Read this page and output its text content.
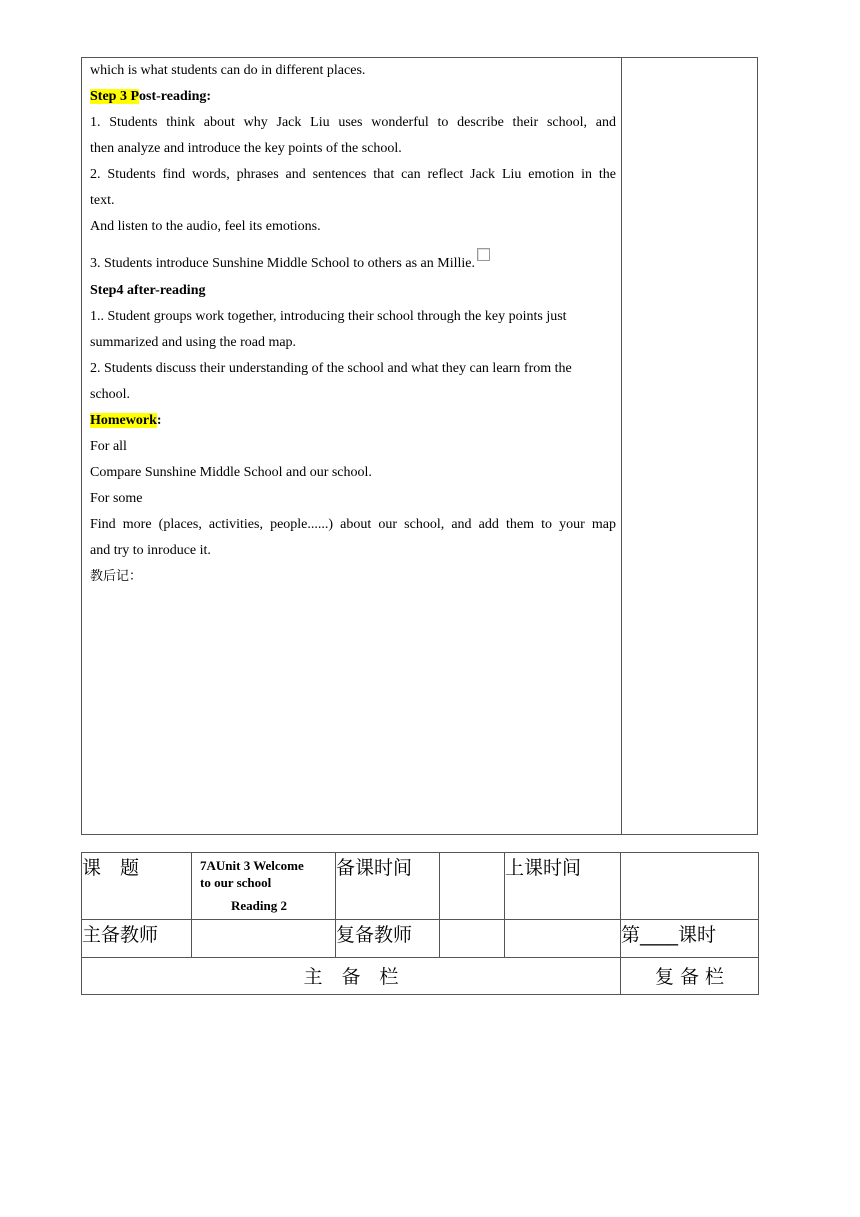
which is what students can do in different places.
Step 3 Post-reading:
1. Students think about why Jack Liu uses wonderful to describe their school, and
then analyze and introduce the key points of the school.
2. Students find words, phrases and sentences that can reflect Jack Liu emotion in the
text.
And listen to the audio, feel its emotions.
3. Students introduce Sunshine Middle School to others as an Millie.
Step4 after-reading
1.. Student groups work together, introducing their school through the key points just
summarized and using the road map.
2. Students discuss their understanding of the school and what they can learn from the
school.
Homework:
For all
Compare Sunshine Middle School and our school.
For some
Find more (places, activities, people......) about our school, and add them to your map
and try to inroduce it.
教后记：
课　题	7AUnit 3 Welcome
to our school
Reading 2	备课时间		上课时间	
主备教师		复备教师			第____课时
主　备　栏					复 备 栏
